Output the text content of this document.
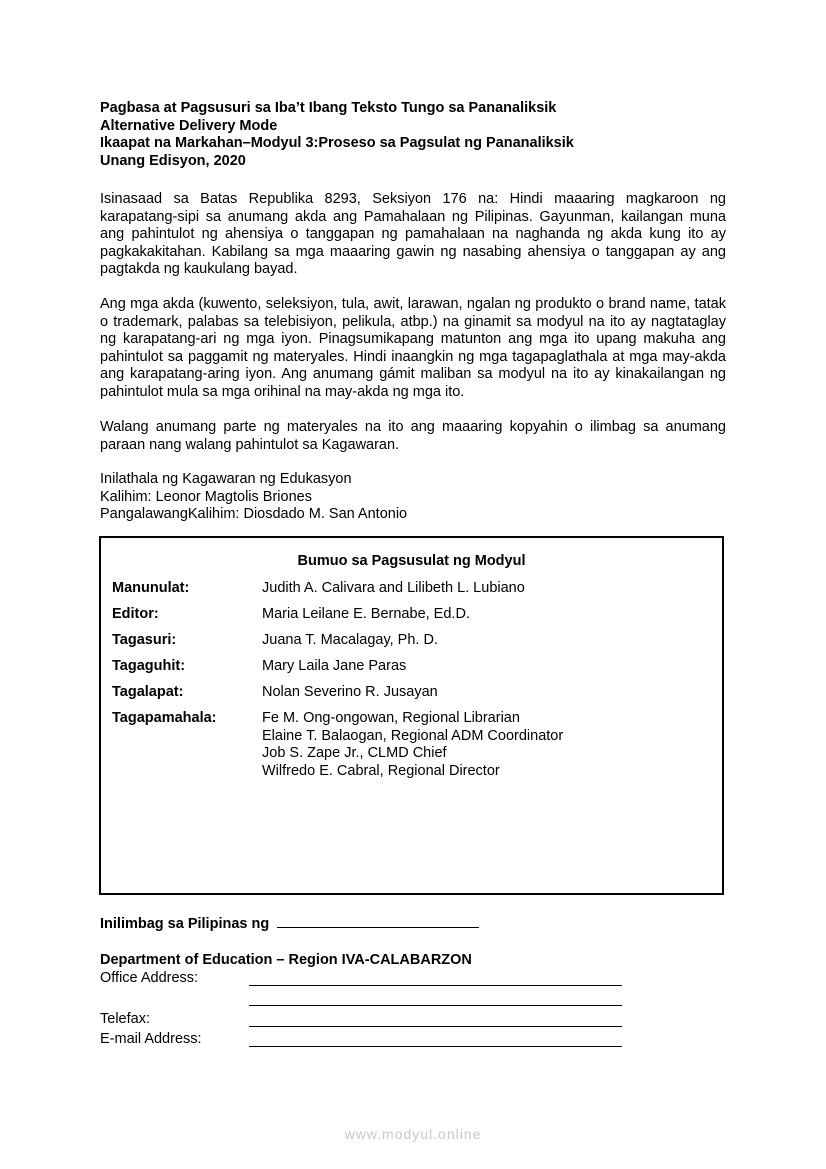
Pagbasa at Pagsusuri sa Iba’t Ibang Teksto Tungo sa Pananaliksik
Alternative Delivery Mode
Ikaapat na Markahan–Modyul 3:Proseso sa Pagsulat ng Pananaliksik
Unang Edisyon, 2020

Isinasaad sa Batas Republika 8293, Seksiyon 176 na: Hindi maaaring magkaroon ng karapatang-sipi sa anumang akda ang Pamahalaan ng Pilipinas. Gayunman, kailangan muna ang pahintulot ng ahensiya o tanggapan ng pamahalaan na naghanda ng akda kung ito ay pagkakakitahan. Kabilang sa mga maaaring gawin ng nasabing ahensiya o tanggapan ay ang pagtakda ng kaukulang bayad.

Ang mga akda (kuwento, seleksiyon, tula, awit, larawan, ngalan ng produkto o brand name, tatak o trademark, palabas sa telebisiyon, pelikula, atbp.) na ginamit sa modyul na ito ay nagtataglay ng karapatang-ari ng mga iyon. Pinagsumikapang matunton ang mga ito upang makuha ang pahintulot sa paggamit ng materyales. Hindi inaangkin ng mga tagapaglathala at mga may-akda ang karapatang-aring iyon. Ang anumang gámit maliban sa modyul na ito ay kinakailangan ng pahintulot mula sa mga orihinal na may-akda ng mga ito.

Walang anumang parte ng materyales na ito ang maaaring kopyahin o ilimbag sa anumang paraan nang walang pahintulot sa Kagawaran.

Inilathala ng Kagawaran ng Edukasyon
Kalihim: Leonor Magtolis Briones
PangalawangKalihim: Diosdado M. San Antonio
Bumuo sa Pagsusulat ng Modyul
Manunulat:	Judith A. Calivara and Lilibeth L. Lubiano
Editor:	Maria Leilane E. Bernabe, Ed.D.
Tagasuri:	Juana T. Macalagay, Ph. D.
Tagaguhit:	Mary Laila Jane Paras
Tagalapat:	Nolan Severino R. Jusayan
Tagapamahala:	Fe M. Ong-ongowan, Regional Librarian
Elaine T. Balaogan, Regional ADM Coordinator
Job S. Zape Jr., CLMD Chief
Wilfredo E. Cabral, Regional Director
Inilimbag sa Pilipinas ng
Department of Education – Region IVA-CALABARZON
Office Address:
Telefax:
E-mail Address:
www.modyul.online
